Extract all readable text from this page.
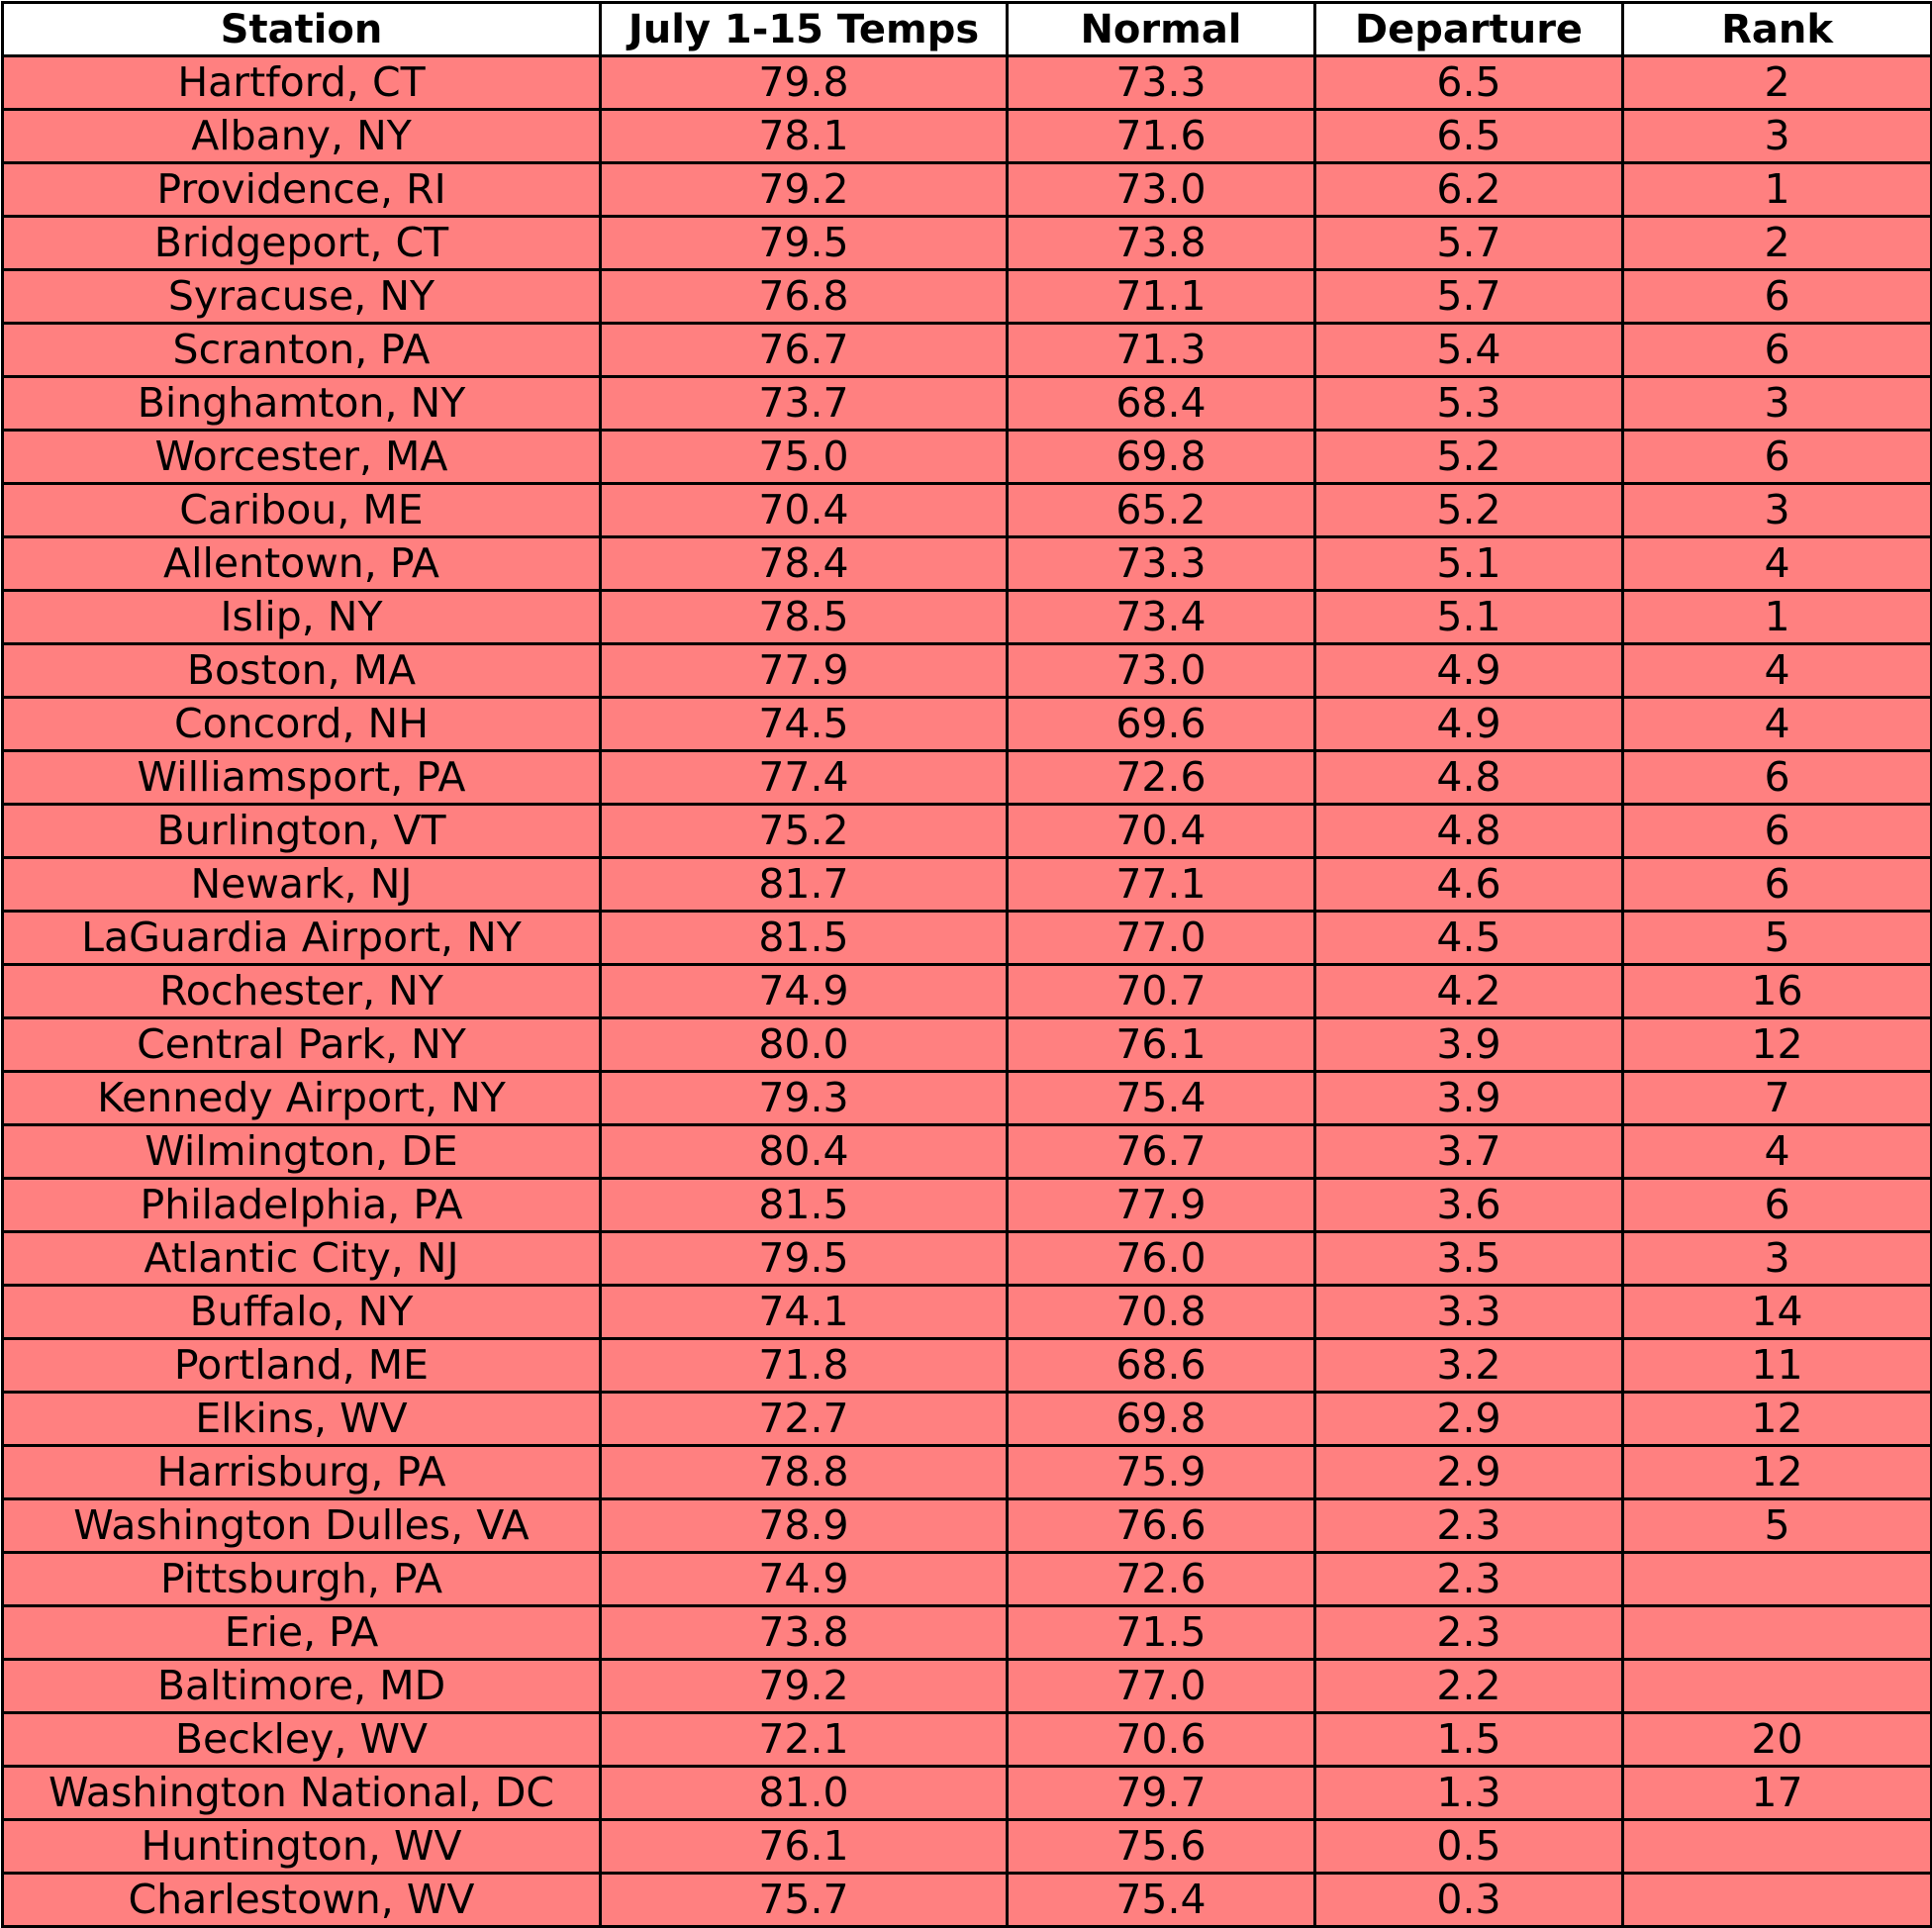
Station	July 1-15 Temps	Normal	Departure	Rank
Hartford, CT	79.8	73.3	6.5	2
Albany, NY	78.1	71.6	6.5	3
Providence, RI	79.2	73.0	6.2	1
Bridgeport, CT	79.5	73.8	5.7	2
Syracuse, NY	76.8	71.1	5.7	6
Scranton, PA	76.7	71.3	5.4	6
Binghamton, NY	73.7	68.4	5.3	3
Worcester, MA	75.0	69.8	5.2	6
Caribou, ME	70.4	65.2	5.2	3
Allentown, PA	78.4	73.3	5.1	4
Islip, NY	78.5	73.4	5.1	1
Boston, MA	77.9	73.0	4.9	4
Concord, NH	74.5	69.6	4.9	4
Williamsport, PA	77.4	72.6	4.8	6
Burlington, VT	75.2	70.4	4.8	6
Newark, NJ	81.7	77.1	4.6	6
LaGuardia Airport, NY	81.5	77.0	4.5	5
Rochester, NY	74.9	70.7	4.2	16
Central Park, NY	80.0	76.1	3.9	12
Kennedy Airport, NY	79.3	75.4	3.9	7
Wilmington, DE	80.4	76.7	3.7	4
Philadelphia, PA	81.5	77.9	3.6	6
Atlantic City, NJ	79.5	76.0	3.5	3
Buffalo, NY	74.1	70.8	3.3	14
Portland, ME	71.8	68.6	3.2	11
Elkins, WV	72.7	69.8	2.9	12
Harrisburg, PA	78.8	75.9	2.9	12
Washington Dulles, VA	78.9	76.6	2.3	5
Pittsburgh, PA	74.9	72.6	2.3	
Erie, PA	73.8	71.5	2.3	
Baltimore, MD	79.2	77.0	2.2	
Beckley, WV	72.1	70.6	1.5	20
Washington National, DC	81.0	79.7	1.3	17
Huntington, WV	76.1	75.6	0.5	
Charlestown, WV	75.7	75.4	0.3	
